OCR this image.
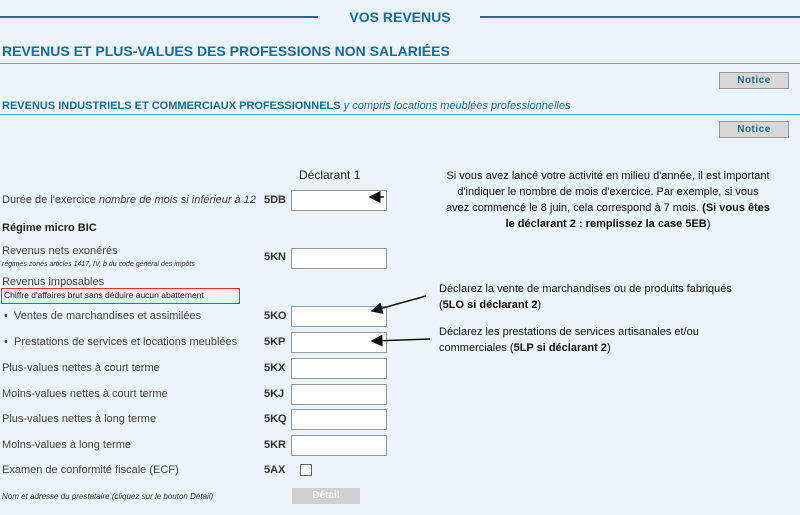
VOS REVENUS
REVENUS ET PLUS-VALUES DES PROFESSIONS NON SALARIÉES
Notice
REVENUS INDUSTRIELS ET COMMERCIAUX PROFESSIONNELS y compris locations meublées professionnelles
Notice
Déclarant 1
Durée de l'exercice nombre de mois si inférieur à 12 5DB
Régime micro BIC
Revenus nets exonérés
régimes zonés articles 1417, IV, b du code général des impôts
5KN
Revenus imposables
Chiffre d'affaires brut sans déduire aucun abattement
• Ventes de marchandises et assimilées	5KO
• Prestations de services et locations meublées 5KP
Plus-values nettes à court terme	5KX
Moins-values nettes à court terme	5KJ
Plus-values nettes à long terme	5KQ
Moins-values à long terme	5KR
Examen de conformité fiscale (ECF)	5AX
Nom et adresse du prestataire (cliquez sur le bouton Détail)	Détail
Si vous avez lancé votre activité en milieu d'année, il est important
d'indiquer le nombre de mois d'exercice. Par exemple, si vous
avez commencé le 8 juin, cela correspond à 7 mois. (Si vous êtes
le déclarant 2 : remplissez la case 5EB)
Déclarez la vente de marchandises ou de produits fabriqués
(5LO si déclarant 2)
Déclarez les prestations de services artisanales et/ou
commerciales (5LP si déclarant 2)
